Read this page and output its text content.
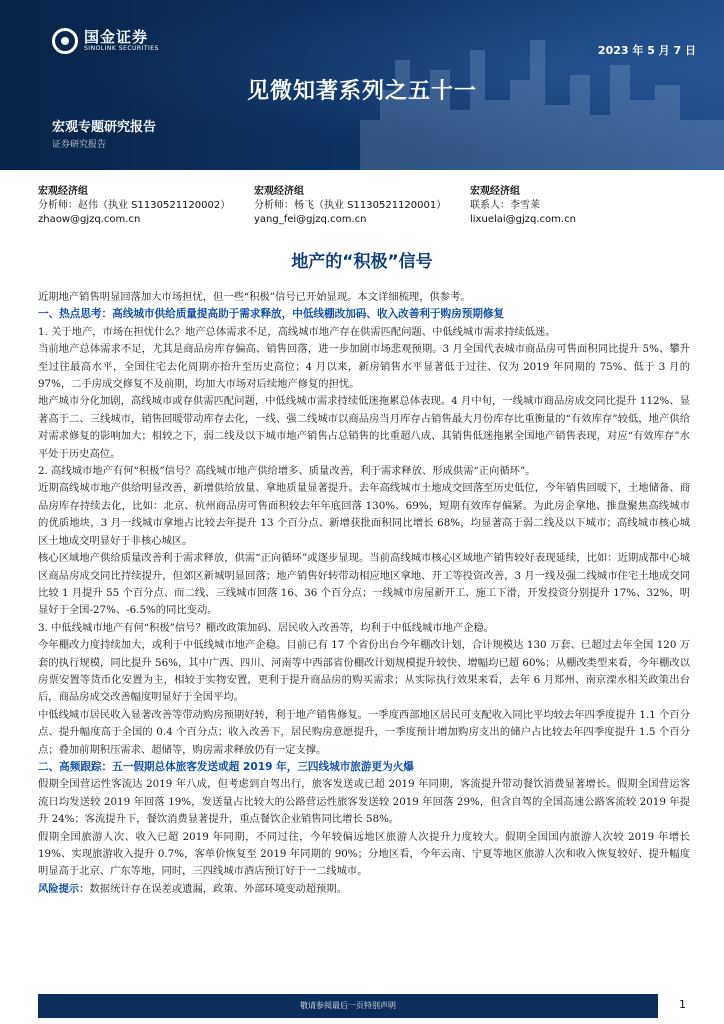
国金证券
SINOLINK SECURITIES	2023 年 5 月 7 日
见微知著系列之五十一
宏观专题研究报告
证券研究报告
宏观经济组
分析师：赵伟（执业 S1130521120002）
zhaow@gjzq.com.cn
宏观经济组
分析师：杨飞（执业 S1130521120001）
yang_fei@gjzq.com.cn
宏观经济组
联系人：李雪莱
lixuelai@gjzq.com.cn
地产的“积极”信号

近期地产销售明显回落加大市场担忧，但一些“积极”信号已开始显现。本文详细梳理，供参考。

一、热点思考：高线城市供给质量提高助于需求释放，中低线棚改加码、收入改善利于购房预期修复

1. 关于地产，市场在担忧什么？地产总体需求不足，高线城市地产存在供需匹配问题、中低线城市需求持续低迷。

当前地产总体需求不足，尤其是商品房库存偏高、销售回落，进一步加剧市场悲观预期。3 月全国代表城市商品房可售面积同比提升 5%、攀升至过往最高水平，全国住宅去化周期亦抬升至历史高位；4 月以来，新房销售水平显著低于过往、仅为 2019 年同期的 75%、低于 3 月的 97%，二手房成交修复不及前期，均加大市场对后续地产修复的担忧。

地产城市分化加剧，高线城市或存供需匹配问题，中低线城市需求持续低迷拖累总体表现。4 月中旬，一线城市商品房成交同比提升 112%、显著高于二、三线城市，销售回暖带动库存去化，一线、强二线城市以商品房当月库存占销售最大月份库存比重衡量的“有效库存”较低，地产供给对需求修复的影响加大；相较之下，弱二线及以下城市地产销售占总销售的比重超八成、其销售低迷拖累全国地产销售表现，对应“有效库存”水平处于历史高位。

2. 高线城市地产有何“积极”信号？高线城市地产供给增多、质量改善，利于需求释放、形成供需“正向循环”。

近期高线城市地产供给明显改善，新增供给放量、拿地质量显著提升。去年高线城市土地成交回落至历史低位，今年销售回暖下，土地储备、商品房库存持续去化，比如：北京、杭州商品房可售面积较去年年底回落 130%、69%，短期有效库存偏紧。为此房企拿地、推盘聚焦高线城市的优质地块，3 月一线城市拿地占比较去年提升 13 个百分点、新增获批面积同比增长 68%，均显著高于弱二线及以下城市；高线城市核心城区土地成交明显好于非核心城区。

核心区域地产供给质量改善利于需求释放，供需“正向循环”或逐步显现。当前高线城市核心区域地产销售较好表现延续，比如：近期成都中心城区商品房成交同比持续提升，但郊区新城明显回落；地产销售好转带动相应地区拿地、开工等投资改善，3 月一线及强二线城市住宅土地成交同比较 1 月提升 55 个百分点、而二线、三线城市回落 16、36 个百分点；一线城市房屋新开工、施工下滑，开发投资分别提升 17%、32%，明显好于全国-27%、-6.5%的同比变动。

3. 中低线城市地产有何“积极”信号？棚改政策加码、居民收入改善等，均利于中低线城市地产企稳。

今年棚改力度持续加大，或利于中低线城市地产企稳。目前已有 17 个省份出台今年棚改计划，合计规模达 130 万套、已超过去年全国 120 万套的执行规模，同比提升 56%，其中广西、四川、河南等中西部省份棚改计划规模提升较快、增幅均已超 60%；从棚改类型来看，今年棚改以房票安置等货币化安置为主，相较于实物安置，更利于提升商品房的购买需求；从实际执行效果来看，去年 6 月郑州、南京溧水相关政策出台后，商品房成交改善幅度明显好于全国平均。

中低线城市居民收入显著改善等带动购房预期好转，利于地产销售修复。一季度西部地区居民可支配收入同比平均较去年四季度提升 1.1 个百分点、提升幅度高于全国的 0.4 个百分点；收入改善下，居民购房意愿提升，一季度预计增加购房支出的储户占比较去年四季度提升 1.5 个百分点；叠加前期积压需求、超储等，购房需求释放仍有一定支撑。

二、高频跟踪：五一假期总体旅客发送或超 2019 年，三四线城市旅游更为火爆

假期全国营运性客流达 2019 年八成，但考虑到自驾出行，旅客发送或已超 2019 年同期，客流提升带动餐饮消费显著增长。假期全国营运客流日均发送较 2019 年回落 19%，发送量占比较大的公路营运性旅客发送较 2019 年回落 29%，但含自驾的全国高速公路客流较 2019 年提升 24%；客流提升下，餐饮消费显著提升，重点餐饮企业销售同比增长 58%。

假期全国旅游人次、收入已超 2019 年同期，不同过往，今年较偏远地区旅游人次提升力度较大。假期全国国内旅游人次较 2019 年增长 19%、实现旅游收入提升 0.7%，客单价恢复至 2019 年同期的 90%；分地区看，今年云南、宁夏等地区旅游人次和收入恢复较好、提升幅度明显高于北京、广东等地，同时，三四线城市酒店预订好于一二线城市。

风险提示：数据统计存在误差或遗漏，政策、外部环境变动超预期。

敬请参阅最后一页特别声明	1
